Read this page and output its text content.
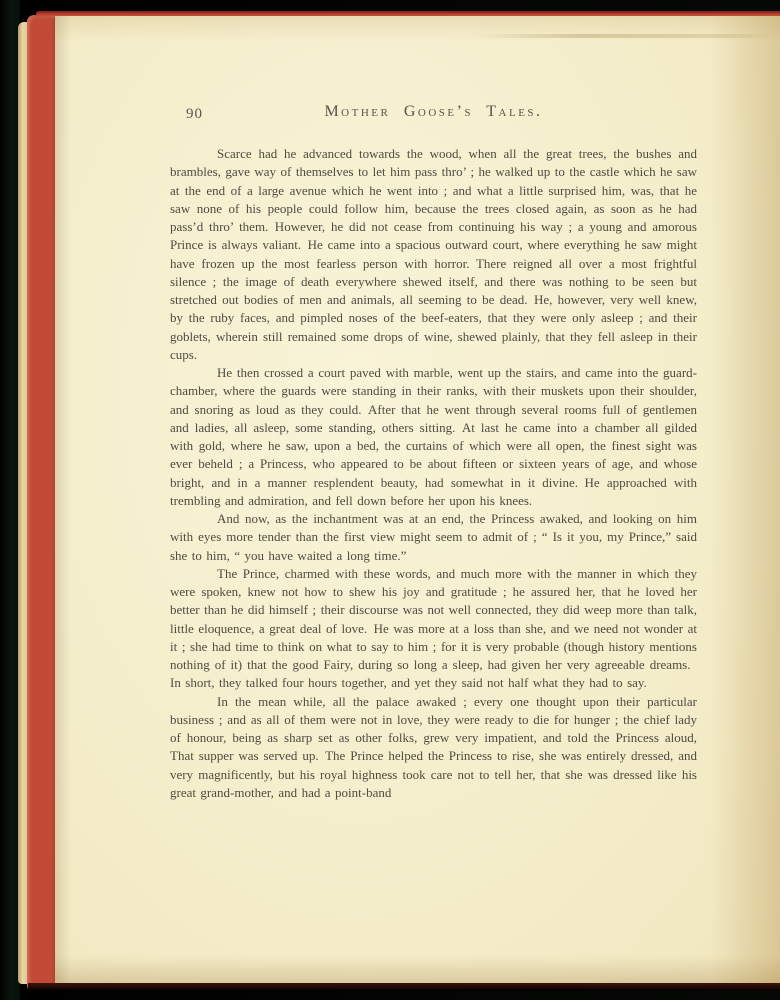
90	Mother Goose’s Tales.

Scarce had he advanced towards the wood, when all the great trees, the bushes and brambles, gave way of themselves to let him pass thro’ ; he walked up to the castle which he saw at the end of a large avenue which he went into ; and what a little surprised him, was, that he saw none of his people could follow him, because the trees closed again, as soon as he had pass’d thro’ them. However, he did not cease from continuing his way ; a young and amorous Prince is always valiant. He came into a spacious outward court, where everything he saw might have frozen up the most fearless person with horror. There reigned all over a most frightful silence ; the image of death everywhere shewed itself, and there was nothing to be seen but stretched out bodies of men and animals, all seeming to be dead. He, however, very well knew, by the ruby faces, and pimpled noses of the beef-eaters, that they were only asleep ; and their goblets, wherein still remained some drops of wine, shewed plainly, that they fell asleep in their cups.

He then crossed a court paved with marble, went up the stairs, and came into the guard-chamber, where the guards were standing in their ranks, with their muskets upon their shoulder, and snoring as loud as they could. After that he went through several rooms full of gentlemen and ladies, all asleep, some standing, others sitting. At last he came into a chamber all gilded with gold, where he saw, upon a bed, the curtains of which were all open, the finest sight was ever beheld ; a Princess, who appeared to be about fifteen or sixteen years of age, and whose bright, and in a manner resplendent beauty, had somewhat in it divine. He approached with trembling and admiration, and fell down before her upon his knees.

And now, as the inchantment was at an end, the Princess awaked, and looking on him with eyes more tender than the first view might seem to admit of ; “ Is it you, my Prince,” said she to him, “ you have waited a long time.”

The Prince, charmed with these words, and much more with the manner in which they were spoken, knew not how to shew his joy and gratitude ; he assured her, that he loved her better than he did himself ; their discourse was not well connected, they did weep more than talk, little eloquence, a great deal of love. He was more at a loss than she, and we need not wonder at it ; she had time to think on what to say to him ; for it is very probable (though history mentions nothing of it) that the good Fairy, during so long a sleep, had given her very agreeable dreams. In short, they talked four hours together, and yet they said not half what they had to say.

In the mean while, all the palace awaked ; every one thought upon their particular business ; and as all of them were not in love, they were ready to die for hunger ; the chief lady of honour, being as sharp set as other folks, grew very impatient, and told the Princess aloud, That supper was served up. The Prince helped the Princess to rise, she was entirely dressed, and very magnificently, but his royal highness took care not to tell her, that she was dressed like his great grand-mother, and had a point-band
